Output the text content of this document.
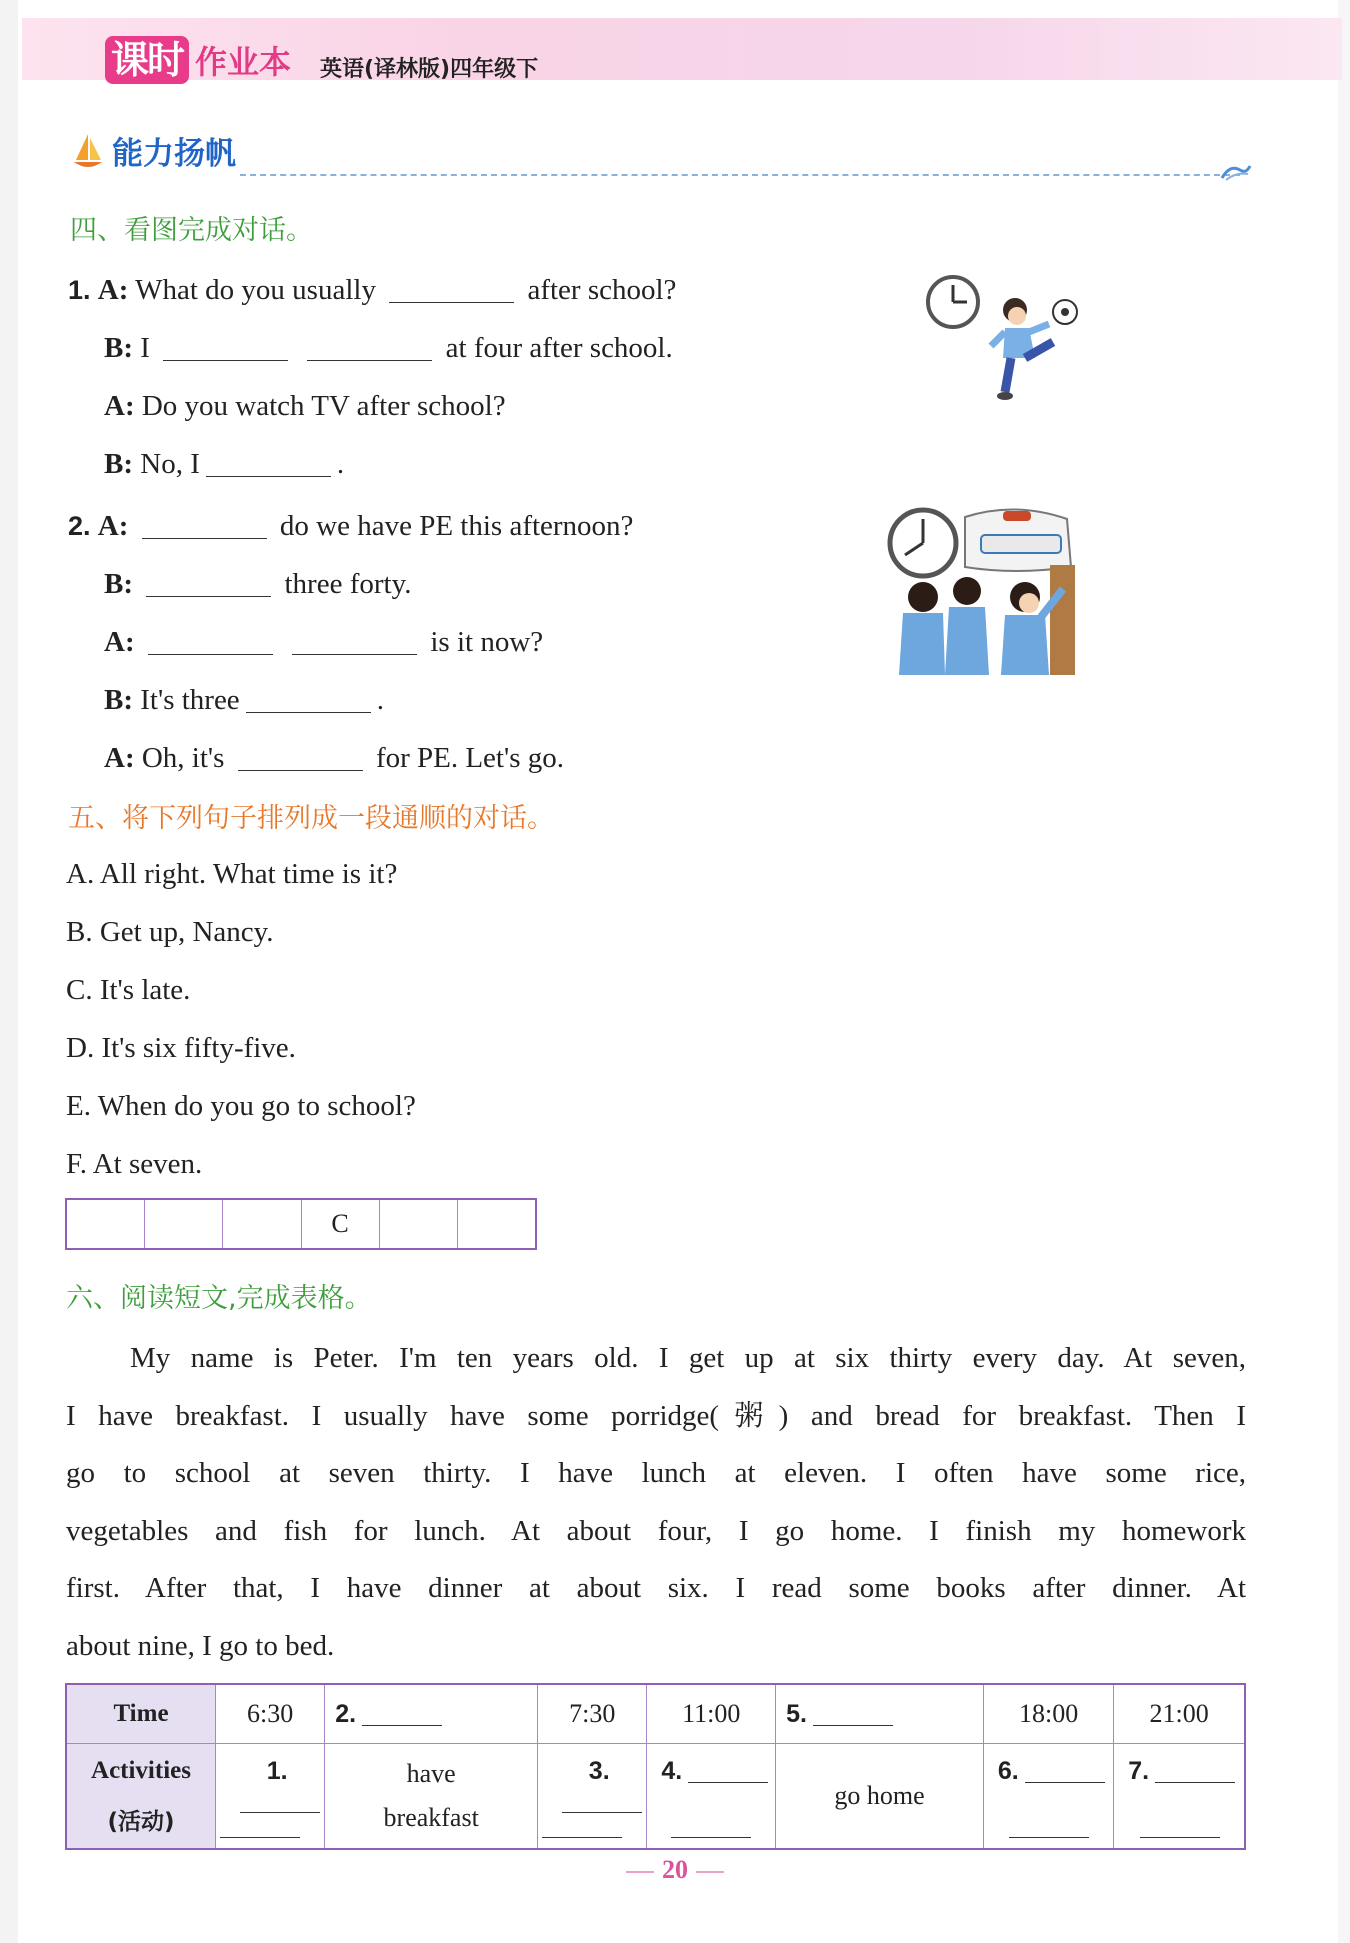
课时 作业本 英语(译林版)四年级下
能力扬帆
四、看图完成对话。
1. A: What do you usually	after school?
B: I	at four after school.
A: Do you watch TV after school?
B: No, I	.
2. A:	do we have PE this afternoon?
B:	three forty.
A:	is it now?
B: It's three	.
A: Oh, it's	for PE. Let's go.
五、将下列句子排列成一段通顺的对话。
A. All right. What time is it?
B. Get up, Nancy.
C. It's late.
D. It's six fifty-five.
E. When do you go to school?
F. At seven.
C
六、阅读短文,完成表格。
My name is Peter. I'm ten years old. I get up at six thirty every day. At seven,
I have breakfast. I usually have some porridge(粥) and bread for breakfast. Then I
go to school at seven thirty. I have lunch at eleven. I often have some rice,
vegetables and fish for lunch. At about four, I go home. I finish my homework
first. After that, I have dinner at about six. I read some books after dinner. At
about nine, I go to bed.
Time	6:30	2.	7:30	11:00	5.	18:00	21:00

Activities
(活动)	1.	have breakfast	3.	4.	go home	6.	7.
20
